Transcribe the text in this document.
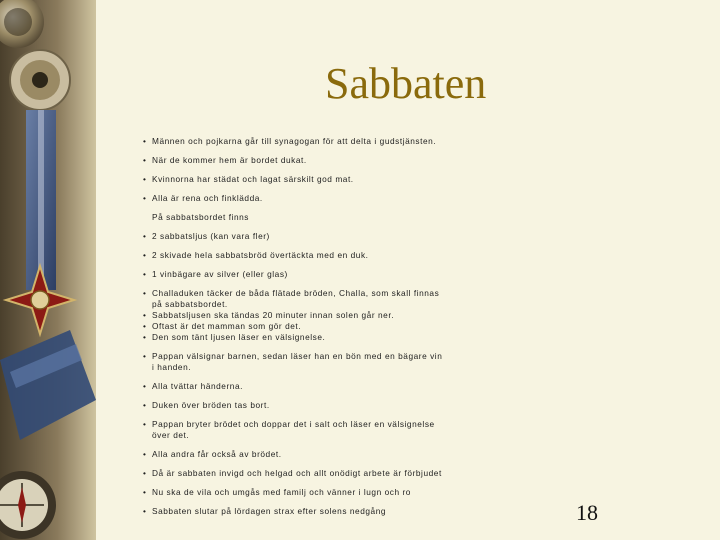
Sabbaten
• Männen och pojkarna går till synagogan för att delta i gudstjänsten.
• När de kommer hem är bordet dukat.
• Kvinnorna har städat och lagat särskilt god mat.
• Alla är rena och finklädda.
På sabbatsbordet finns
• 2 sabbatsljus (kan vara fler)
• 2 skivade hela sabbatsbröd övertäckta med en duk.
• 1 vinbägare av silver (eller glas)
• Challaduken täcker de båda flätade bröden, Challa, som skall finnas på sabbatsbordet.
• Sabbatsljusen ska tändas 20 minuter innan solen går ner.
• Oftast är det mamman som gör det.
• Den som tänt ljusen läser en välsignelse.
• Pappan välsignar barnen, sedan läser han en bön med en bägare vin i handen.
• Alla tvättar händerna.
• Duken över bröden tas bort.
• Pappan bryter brödet och doppar det i salt och läser en välsignelse över det.
• Alla andra får också av brödet.
• Då är sabbaten invigd och helgad och allt onödigt arbete är förbjudet
• Nu ska de vila och umgås med familj och vänner i lugn och ro
• Sabbaten slutar på lördagen strax efter solens nedgång	18
